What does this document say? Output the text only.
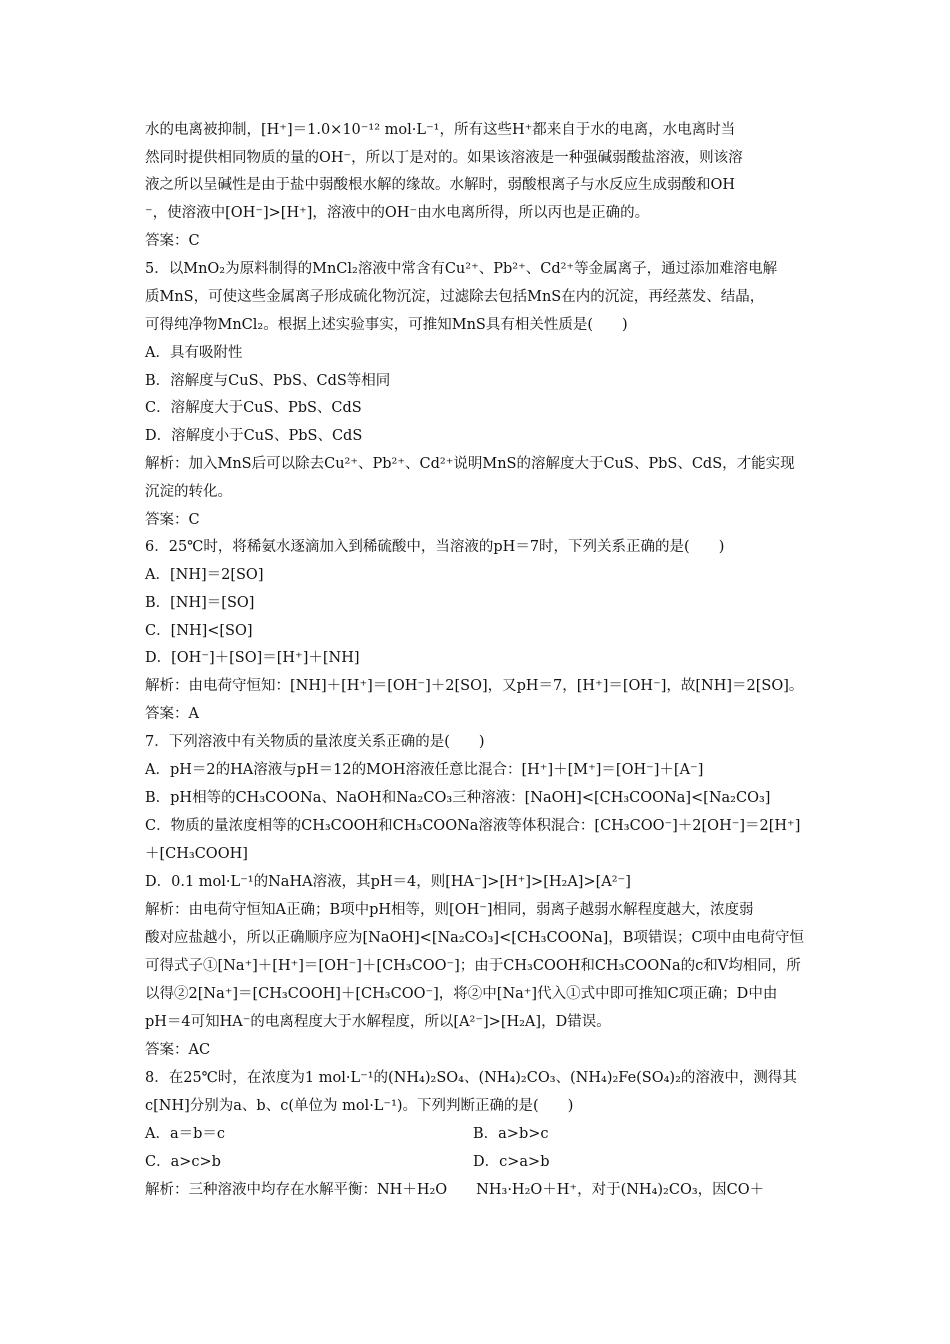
水的电离被抑制，[H⁺]＝1.0×10⁻¹² mol·L⁻¹，所有这些H⁺都来自于水的电离，水电离时当
然同时提供相同物质的量的OH⁻，所以丁是对的。如果该溶液是一种强碱弱酸盐溶液，则该溶
液之所以呈碱性是由于盐中弱酸根水解的缘故。水解时，弱酸根离子与水反应生成弱酸和OH
⁻，使溶液中[OH⁻]>[H⁺]，溶液中的OH⁻由水电离所得，所以丙也是正确的。
答案：C
5．以MnO₂为原料制得的MnCl₂溶液中常含有Cu²⁺、Pb²⁺、Cd²⁺等金属离子，通过添加难溶电解
质MnS，可使这些金属离子形成硫化物沉淀，过滤除去包括MnS在内的沉淀，再经蒸发、结晶，
可得纯净物MnCl₂。根据上述实验事实，可推知MnS具有相关性质是(　　)
A．具有吸附性
B．溶解度与CuS、PbS、CdS等相同
C．溶解度大于CuS、PbS、CdS
D．溶解度小于CuS、PbS、CdS
解析：加入MnS后可以除去Cu²⁺、Pb²⁺、Cd²⁺说明MnS的溶解度大于CuS、PbS、CdS，才能实现
沉淀的转化。
答案：C
6．25℃时，将稀氨水逐滴加入到稀硫酸中，当溶液的pH＝7时，下列关系正确的是(　　)
A．[NH]＝2[SO]
B．[NH]＝[SO]
C．[NH]<[SO]
D．[OH⁻]＋[SO]＝[H⁺]＋[NH]
解析：由电荷守恒知：[NH]＋[H⁺]＝[OH⁻]＋2[SO]，又pH＝7，[H⁺]＝[OH⁻]，故[NH]＝2[SO]。
答案：A
7．下列溶液中有关物质的量浓度关系正确的是(　　)
A．pH＝2的HA溶液与pH＝12的MOH溶液任意比混合：[H⁺]＋[M⁺]＝[OH⁻]＋[A⁻]
B．pH相等的CH₃COONa、NaOH和Na₂CO₃三种溶液：[NaOH]<[CH₃COONa]<[Na₂CO₃]
C．物质的量浓度相等的CH₃COOH和CH₃COONa溶液等体积混合：[CH₃COO⁻]＋2[OH⁻]＝2[H⁺]
＋[CH₃COOH]
D．0.1 mol·L⁻¹的NaHA溶液，其pH＝4，则[HA⁻]>[H⁺]>[H₂A]>[A²⁻]
解析：由电荷守恒知A正确；B项中pH相等，则[OH⁻]相同，弱离子越弱水解程度越大，浓度弱
酸对应盐越小，所以正确顺序应为[NaOH]<[Na₂CO₃]<[CH₃COONa]，B项错误；C项中由电荷守恒
可得式子①[Na⁺]＋[H⁺]＝[OH⁻]＋[CH₃COO⁻]；由于CH₃COOH和CH₃COONa的c和V均相同，所
以得②2[Na⁺]＝[CH₃COOH]＋[CH₃COO⁻]，将②中[Na⁺]代入①式中即可推知C项正确；D中由
pH＝4可知HA⁻的电离程度大于水解程度，所以[A²⁻]>[H₂A]，D错误。
答案：AC
8．在25℃时，在浓度为1 mol·L⁻¹的(NH₄)₂SO₄、(NH₄)₂CO₃、(NH₄)₂Fe(SO₄)₂的溶液中，测得其
c[NH]分别为a、b、c(单位为 mol·L⁻¹)。下列判断正确的是(　　)
A．a＝b＝c	B．a>b>c
C．a>c>b	D．c>a>b
解析：三种溶液中均存在水解平衡：NH＋H₂O　　NH₃·H₂O＋H⁺，对于(NH₄)₂CO₃，因CO＋
